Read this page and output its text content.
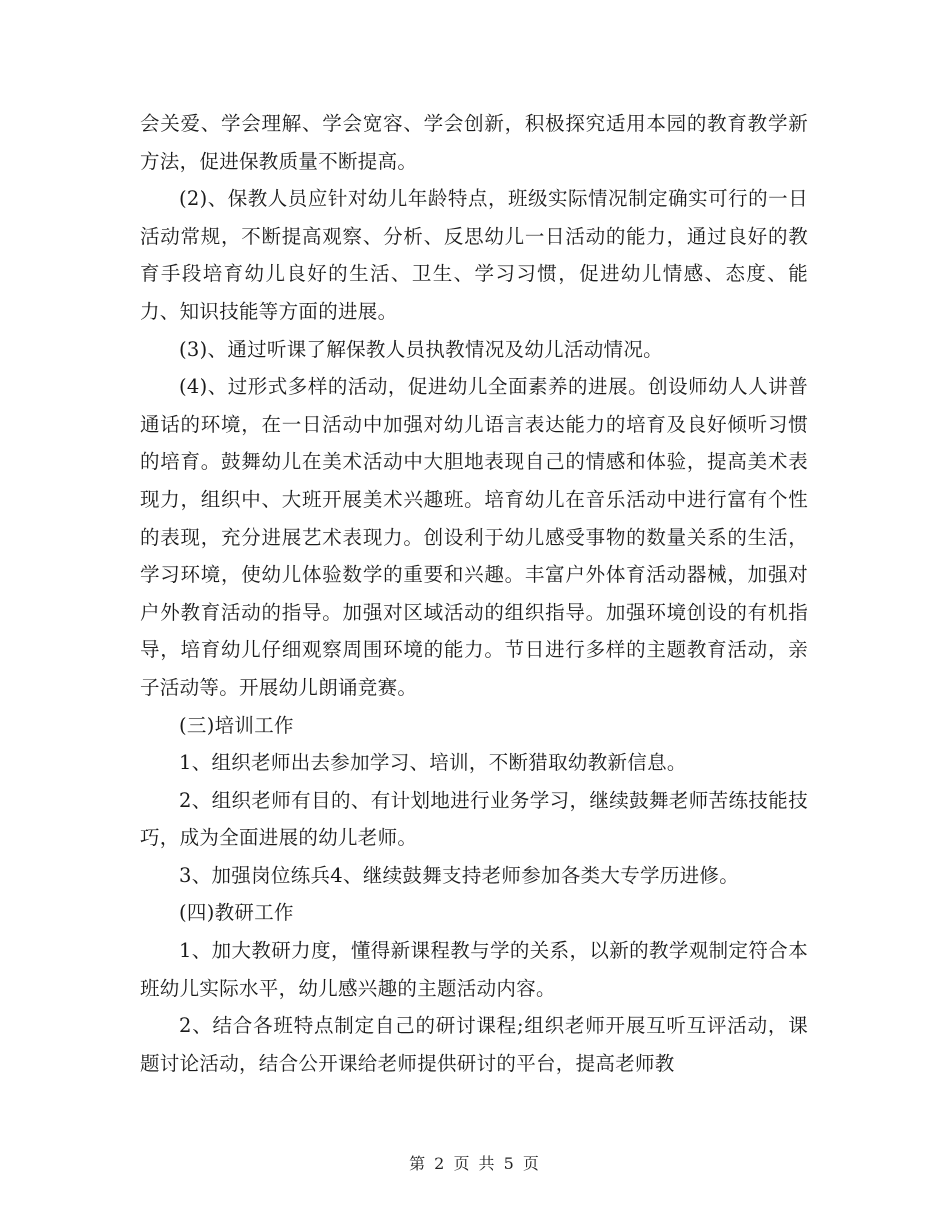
会关爱、学会理解、学会宽容、学会创新，积极探究适用本园的教育教学新方法，促进保教质量不断提高。

(2)、保教人员应针对幼儿年龄特点，班级实际情况制定确实可行的一日活动常规，不断提高观察、分析、反思幼儿一日活动的能力，通过良好的教育手段培育幼儿良好的生活、卫生、学习习惯，促进幼儿情感、态度、能力、知识技能等方面的进展。

(3)、通过听课了解保教人员执教情况及幼儿活动情况。

(4)、过形式多样的活动，促进幼儿全面素养的进展。创设师幼人人讲普通话的环境，在一日活动中加强对幼儿语言表达能力的培育及良好倾听习惯的培育。鼓舞幼儿在美术活动中大胆地表现自己的情感和体验，提高美术表现力，组织中、大班开展美术兴趣班。培育幼儿在音乐活动中进行富有个性的表现，充分进展艺术表现力。创设利于幼儿感受事物的数量关系的生活，学习环境，使幼儿体验数学的重要和兴趣。丰富户外体育活动器械，加强对户外教育活动的指导。加强对区域活动的组织指导。加强环境创设的有机指导，培育幼儿仔细观察周围环境的能力。节日进行多样的主题教育活动，亲子活动等。开展幼儿朗诵竞赛。

(三)培训工作

1、组织老师出去参加学习、培训，不断猎取幼教新信息。

2、组织老师有目的、有计划地进行业务学习，继续鼓舞老师苦练技能技巧，成为全面进展的幼儿老师。

3、加强岗位练兵4、继续鼓舞支持老师参加各类大专学历进修。

(四)教研工作

1、加大教研力度，懂得新课程教与学的关系，以新的教学观制定符合本班幼儿实际水平，幼儿感兴趣的主题活动内容。

2、结合各班特点制定自己的研讨课程;组织老师开展互听互评活动，课题讨论活动，结合公开课给老师提供研讨的平台，提高老师教

第 2 页 共 5 页
